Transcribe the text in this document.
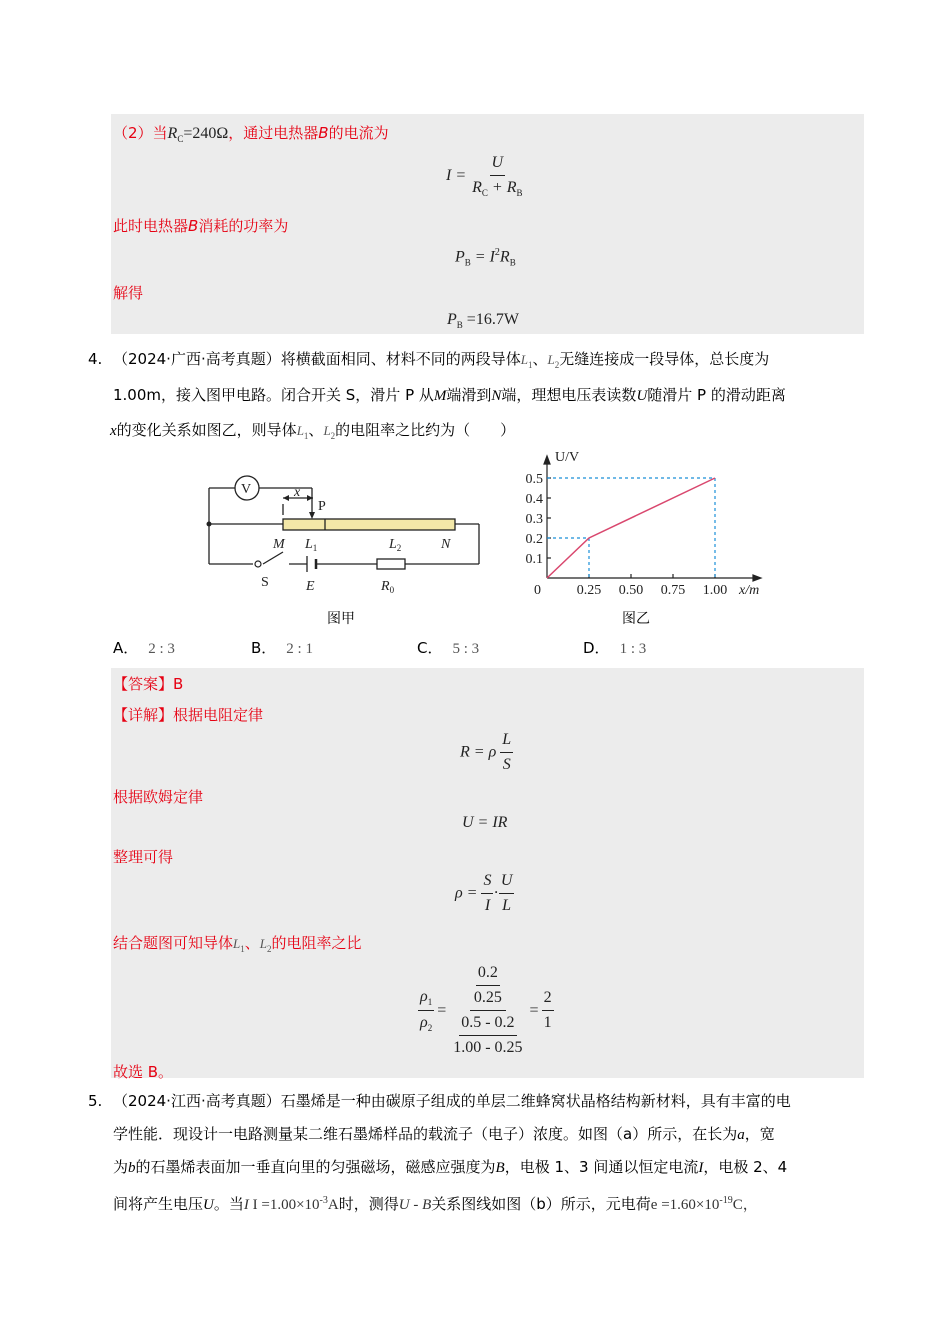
（2）当$R_C=240\Omega$，通过电热器B的电流为
$I = \frac{U}{R_C + R_B}$
此时电热器B消耗的功率为
$P_B = I^2R_B$
解得
$P_B =16.7W$
4. （2024·广西·高考真题）将横截面相同、材料不同的两段导体$L_1$、$L_2$无缝连接成一段导体，总长度为
1.00m，接入图甲电路。闭合开关 S，滑片 P 从M端滑到N端，理想电压表读数U随滑片 P 的滑动距离
x的变化关系如图乙，则导体$L_1$、$L_2$的电阻率之比约为（　　）
V	x
P
M $L_1$	$L_2$	N
S	E	$R_0$
图甲
0.1
0.2
0.3
0.4
0.5
0.25 0.50 0.75 1.00
U/V
x/m
0
图乙
A． 2 : 3	B． 2 : 1	C． 5 : 3	D． 1 : 3
【答案】B
【详解】根据电阻定律
R = ρ $\frac{L}{S}$
根据欧姆定律
U = IR
整理可得
$\rho = \frac{S}{I} \cdot \frac{U}{L}$
结合题图可知导体$L_1$、$L_2$的电阻率之比
$\frac{\rho_1}{\rho_2} = \frac{\frac{0.2}{0.25}}{\frac{0.5 - 0.2}{1.00 - 0.25}} = \frac{2}{1}$
故选 B。
5. （2024·江西·高考真题）石墨烯是一种由碳原子组成的单层二维蜂窝状晶格结构新材料，具有丰富的电
学性能．现设计一电路测量某二维石墨烯样品的载流子（电子）浓度。如图（a）所示，在长为a，宽
为b的石墨烯表面加一垂直向里的匀强磁场，磁感应强度为B，电极 1、3 间通以恒定电流I，电极 2、4
间将产生电压U。当I $I =1.00\times 10^{-3}A$时，测得U - B关系图线如图（b）所示，元电荷$e =1.60\times 10^{-19}C$，
